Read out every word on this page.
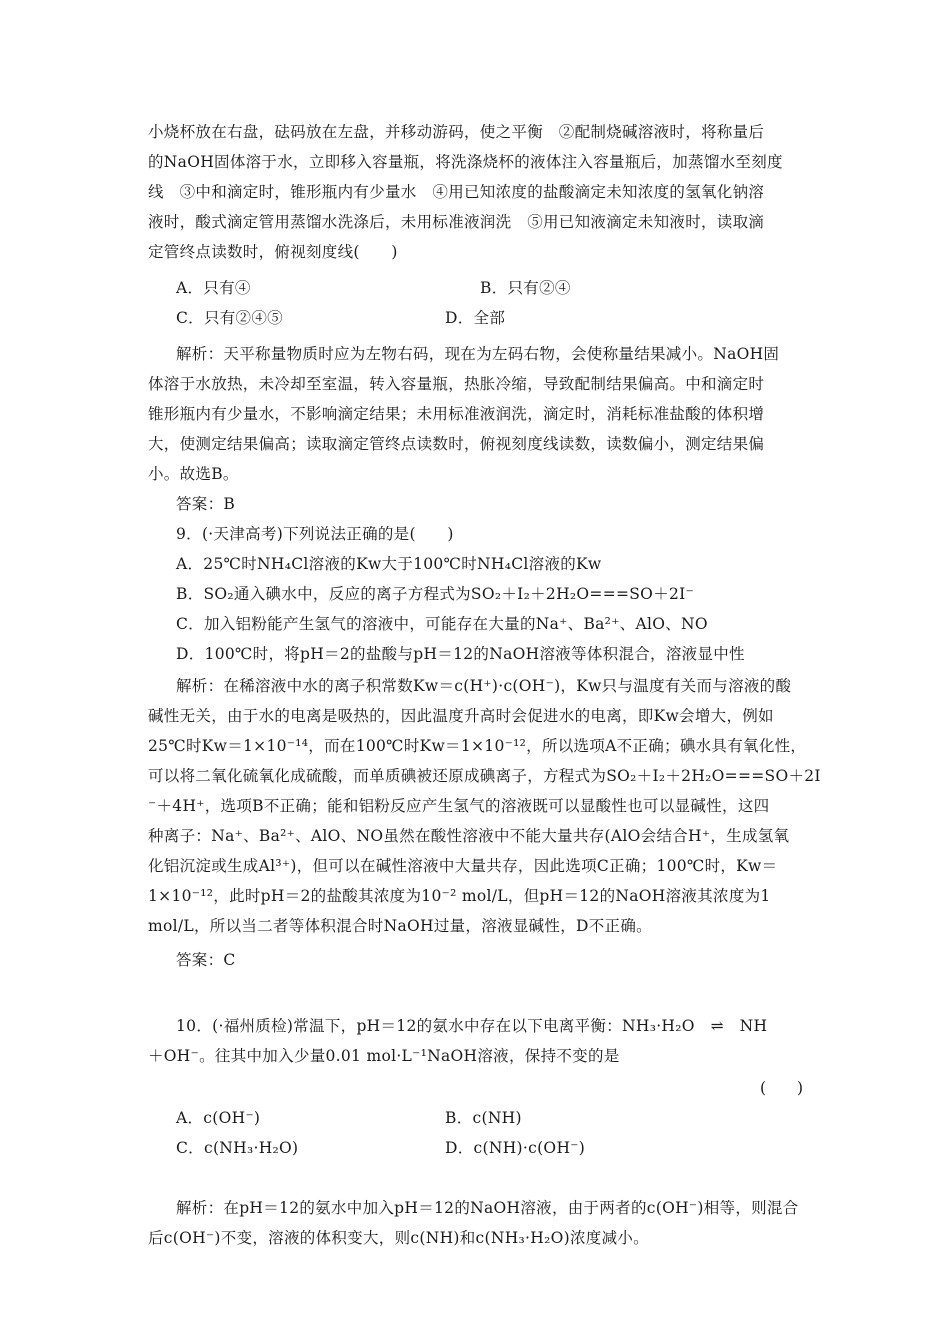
小烧杯放在右盘，砝码放在左盘，并移动游码，使之平衡　②配制烧碱溶液时，将称量后
的NaOH固体溶于水，立即移入容量瓶，将洗涤烧杯的液体注入容量瓶后，加蒸馏水至刻度
线　③中和滴定时，锥形瓶内有少量水　④用已知浓度的盐酸滴定未知浓度的氢氧化钠溶
液时，酸式滴定管用蒸馏水洗涤后，未用标准液润洗　⑤用已知液滴定未知液时，读取滴
定管终点读数时，俯视刻度线(　　)
A．只有④	B．只有②④
C．只有②④⑤	D．全部
解析：天平称量物质时应为左物右码，现在为左码右物，会使称量结果减小。NaOH固
体溶于水放热，未冷却至室温，转入容量瓶，热胀冷缩，导致配制结果偏高。中和滴定时
锥形瓶内有少量水，不影响滴定结果；未用标准液润洗，滴定时，消耗标准盐酸的体积增
大，使测定结果偏高；读取滴定管终点读数时，俯视刻度线读数，读数偏小，测定结果偏
小。故选B。
答案：B
9．(·天津高考)下列说法正确的是(　　)
A．25℃时NH₄Cl溶液的Kw大于100℃时NH₄Cl溶液的Kw
B．SO₂通入碘水中，反应的离子方程式为SO₂＋I₂＋2H₂O===SO＋2I⁻
C．加入铝粉能产生氢气的溶液中，可能存在大量的Na⁺、Ba²⁺、AlO、NO
D．100℃时，将pH＝2的盐酸与pH＝12的NaOH溶液等体积混合，溶液显中性
解析：在稀溶液中水的离子积常数Kw＝c(H⁺)·c(OH⁻)，Kw只与温度有关而与溶液的酸
碱性无关，由于水的电离是吸热的，因此温度升高时会促进水的电离，即Kw会增大，例如
25℃时Kw＝1×10⁻¹⁴，而在100℃时Kw＝1×10⁻¹²，所以选项A不正确；碘水具有氧化性，
可以将二氧化硫氧化成硫酸，而单质碘被还原成碘离子，方程式为SO₂＋I₂＋2H₂O===SO＋2I
⁻＋4H⁺，选项B不正确；能和铝粉反应产生氢气的溶液既可以显酸性也可以显碱性，这四
种离子：Na⁺、Ba²⁺、AlO、NO虽然在酸性溶液中不能大量共存(AlO会结合H⁺，生成氢氧
化铝沉淀或生成Al³⁺)，但可以在碱性溶液中大量共存，因此选项C正确；100℃时，Kw＝
1×10⁻¹²，此时pH＝2的盐酸其浓度为10⁻² mol/L，但pH＝12的NaOH溶液其浓度为1
mol/L，所以当二者等体积混合时NaOH过量，溶液显碱性，D不正确。
答案：C
10．(·福州质检)常温下，pH＝12的氨水中存在以下电离平衡：NH₃·H₂O　⇌　NH
＋OH⁻。往其中加入少量0.01 mol·L⁻¹NaOH溶液，保持不变的是
(　　)
A．c(OH⁻)	B．c(NH)
C．c(NH₃·H₂O)	D．c(NH)·c(OH⁻)
解析：在pH＝12的氨水中加入pH＝12的NaOH溶液，由于两者的c(OH⁻)相等，则混合
后c(OH⁻)不变，溶液的体积变大，则c(NH)和c(NH₃·H₂O)浓度减小。
